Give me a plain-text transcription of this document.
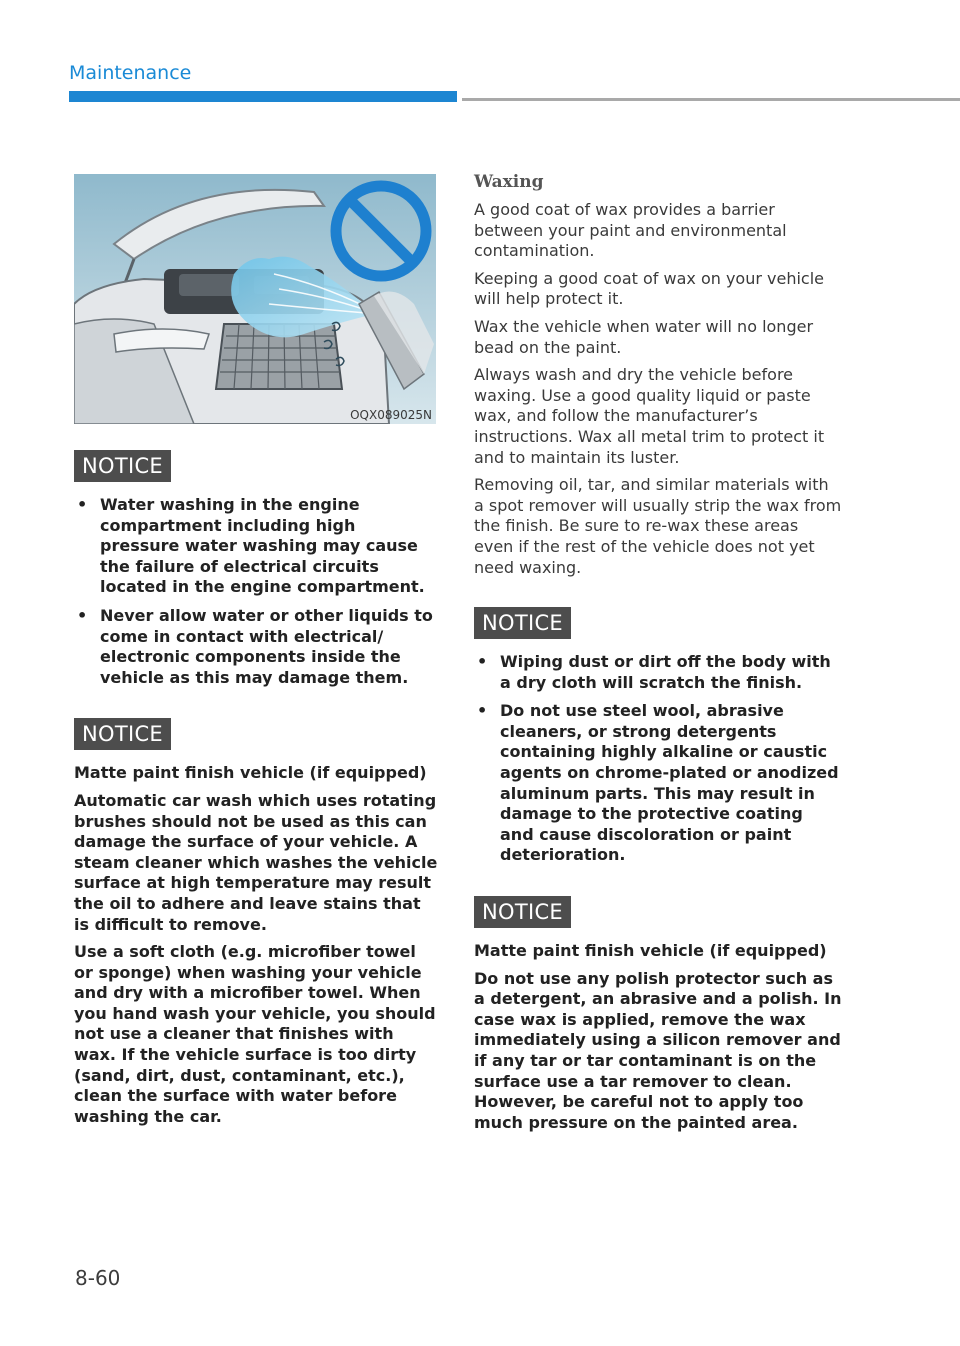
Maintenance
OQX089025N
NOTICE
• Water washing in the engine compartment including high pressure water washing may cause the failure of electrical circuits located in the engine compartment.
• Never allow water or other liquids to come in contact with electrical/ electronic components inside the vehicle as this may damage them.
NOTICE

Matte paint finish vehicle (if equipped)

Automatic car wash which uses rotating brushes should not be used as this can damage the surface of your vehicle. A steam cleaner which washes the vehicle surface at high temperature may result the oil to adhere and leave stains that is difficult to remove.

Use a soft cloth (e.g. microfiber towel or sponge) when washing your vehicle and dry with a microfiber towel. When you hand wash your vehicle, you should not use a cleaner that finishes with wax. If the vehicle surface is too dirty (sand, dirt, dust, contaminant, etc.), clean the surface with water before washing the car.

Waxing

A good coat of wax provides a barrier between your paint and environmental contamination.

Keeping a good coat of wax on your vehicle will help protect it.

Wax the vehicle when water will no longer bead on the paint.

Always wash and dry the vehicle before waxing. Use a good quality liquid or paste wax, and follow the manufacturer’s instructions. Wax all metal trim to protect it and to maintain its luster.

Removing oil, tar, and similar materials with a spot remover will usually strip the wax from the finish. Be sure to re-wax these areas even if the rest of the vehicle does not yet need waxing.

NOTICE
• Wiping dust or dirt off the body with a dry cloth will scratch the finish.
• Do not use steel wool, abrasive cleaners, or strong detergents containing highly alkaline or caustic agents on chrome-plated or anodized aluminum parts. This may result in damage to the protective coating and cause discoloration or paint deterioration.
NOTICE

Matte paint finish vehicle (if equipped)

Do not use any polish protector such as a detergent, an abrasive and a polish. In case wax is applied, remove the wax immediately using a silicon remover and if any tar or tar contaminant is on the surface use a tar remover to clean. However, be careful not to apply too much pressure on the painted area.

8-60
